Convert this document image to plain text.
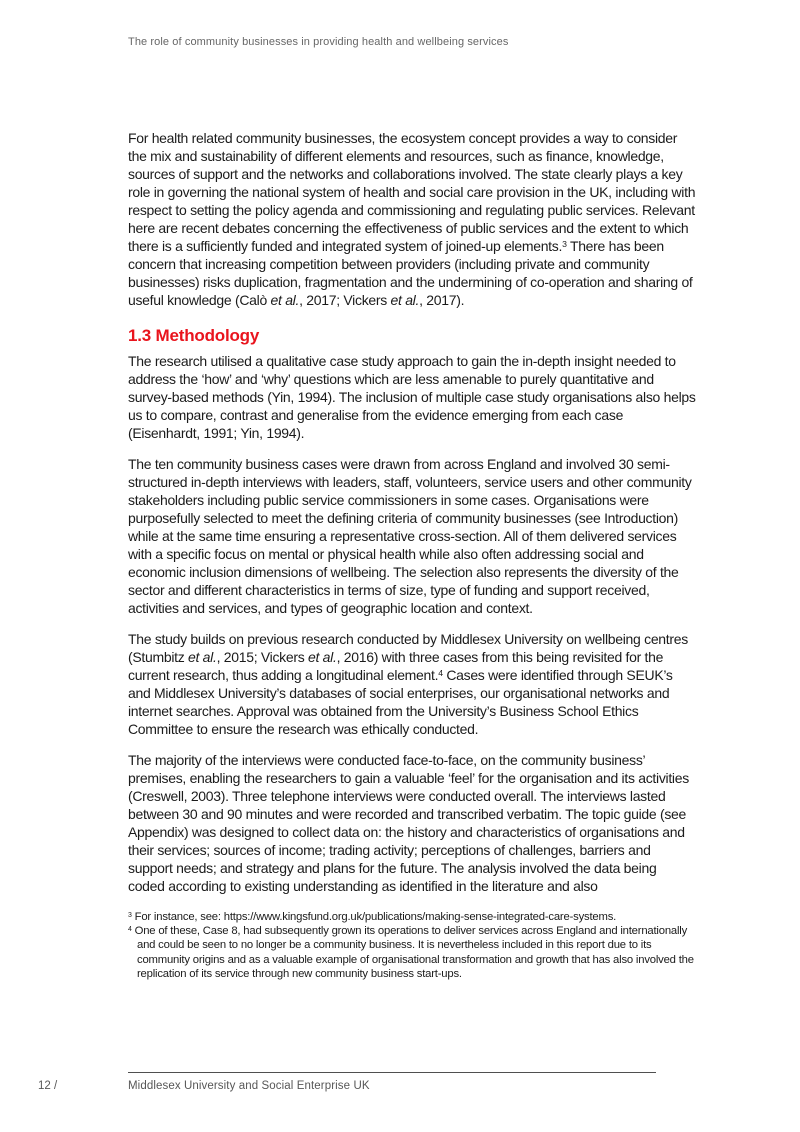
The role of community businesses in providing health and wellbeing services

For health related community businesses, the ecosystem concept provides a way to consider the mix and sustainability of different elements and resources, such as finance, knowledge, sources of support and the networks and collaborations involved. The state clearly plays a key role in governing the national system of health and social care provision in the UK, including with respect to setting the policy agenda and commissioning and regulating public services. Relevant here are recent debates concerning the effectiveness of public services and the extent to which there is a sufficiently funded and integrated system of joined-up elements.$^3$ There has been concern that increasing competition between providers (including private and community businesses) risks duplication, fragmentation and the undermining of co-operation and sharing of useful knowledge (Calò et al., 2017; Vickers et al., 2017).

1.3 Methodology

The research utilised a qualitative case study approach to gain the in-depth insight needed to address the ‘how’ and ‘why’ questions which are less amenable to purely quantitative and survey-based methods (Yin, 1994). The inclusion of multiple case study organisations also helps us to compare, contrast and generalise from the evidence emerging from each case (Eisenhardt, 1991; Yin, 1994).

The ten community business cases were drawn from across England and involved 30 semi-structured in-depth interviews with leaders, staff, volunteers, service users and other community stakeholders including public service commissioners in some cases. Organisations were purposefully selected to meet the defining criteria of community businesses (see Introduction) while at the same time ensuring a representative cross-section. All of them delivered services with a specific focus on mental or physical health while also often addressing social and economic inclusion dimensions of wellbeing. The selection also represents the diversity of the sector and different characteristics in terms of size, type of funding and support received, activities and services, and types of geographic location and context.

The study builds on previous research conducted by Middlesex University on wellbeing centres (Stumbitz et al., 2015; Vickers et al., 2016) with three cases from this being revisited for the current research, thus adding a longitudinal element.$^4$ Cases were identified through SEUK’s and Middlesex University’s databases of social enterprises, our organisational networks and internet searches. Approval was obtained from the University’s Business School Ethics Committee to ensure the research was ethically conducted.

The majority of the interviews were conducted face-to-face, on the community business’ premises, enabling the researchers to gain a valuable ‘feel’ for the organisation and its activities (Creswell, 2003). Three telephone interviews were conducted overall. The interviews lasted between 30 and 90 minutes and were recorded and transcribed verbatim. The topic guide (see Appendix) was designed to collect data on: the history and characteristics of organisations and their services; sources of income; trading activity; perceptions of challenges, barriers and support needs; and strategy and plans for the future. The analysis involved the data being coded according to existing understanding as identified in the literature and also

$^3$ For instance, see: https://www.kingsfund.org.uk/publications/making-sense-integrated-care-systems.

$^4$ One of these, Case 8, had subsequently grown its operations to deliver services across England and internationally and could be seen to no longer be a community business. It is nevertheless included in this report due to its community origins and as a valuable example of organisational transformation and growth that has also involved the replication of its service through new community business start-ups.

12 /	Middlesex University and Social Enterprise UK
